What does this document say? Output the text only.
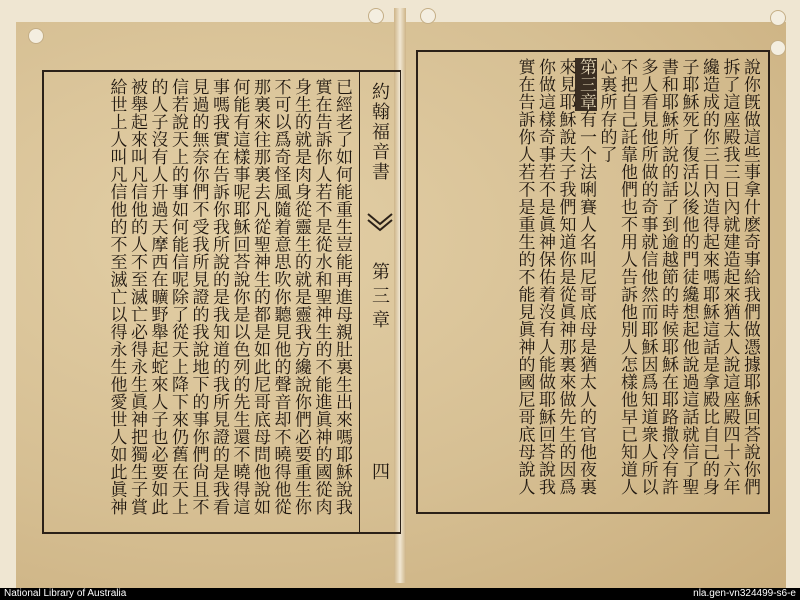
說你旣做這些事拿什麽奇事給我們做憑據耶穌回荅說你們

拆了這座殿我三日內就建造起來猶太人說這座殿四十六年

纔造成的你三日內造得起來嗎耶穌這話是拿殿比自己的身

子耶穌死了復活以後他的門徒纔想起他說過這話就信了聖

書和耶穌所說的話了到逾越節的時候耶穌在耶路撒冷有許

多人看見他所做的奇事就信他然而耶穌因爲知道衆人所以

不把自己託靠他們也不用人告訴他別人怎樣他早已知道人

心裏所存的了

第三章有一个法唎賽人名叫尼哥底母是猶太人的官他夜裏

來見耶穌說夫子我們知道你是從眞神那裏來做先生的因爲

你做這樣奇事若不是眞神保佑着沒有人能做耶穌回荅說我

實在告訴你人若不是重生的不能見眞神的國尼哥底母說人

約翰福音書
第三章
四

已經老了如何能重生豈能再進母親肚裏生出來嗎耶穌說我

實在告訴你人若不是從水和聖神生的不能進眞神的國從肉

身生的就是肉身從靈生的就是靈我方纔說你們必要重生你

不可以爲奇怪風隨着意思吹你聽見他的聲音却不曉得他從

那裏來往那裏去凡從聖神生的都是如此尼哥底母問他說如

何能有這樣事呢耶穌回荅說你是以色列的先生還不曉得這

事嗎我實在告訴你我所說的是我知道的我所見證的是我看

見過的無奈你們不受我所見證的我說地下的事你們尙且不

信若說天上的事如何能信呢除了從天上降下來仍舊在天上

的人子沒有人升過天摩西在曠野舉起蛇來人子也必要如此

被舉起來叫凡信他的人不至滅亡必得永生眞神把獨生子賞

給世上人叫凡信他的不至滅亡以得永生他愛世人如此眞神

National Library of Australia	nla.gen-vn324499-s6-e
